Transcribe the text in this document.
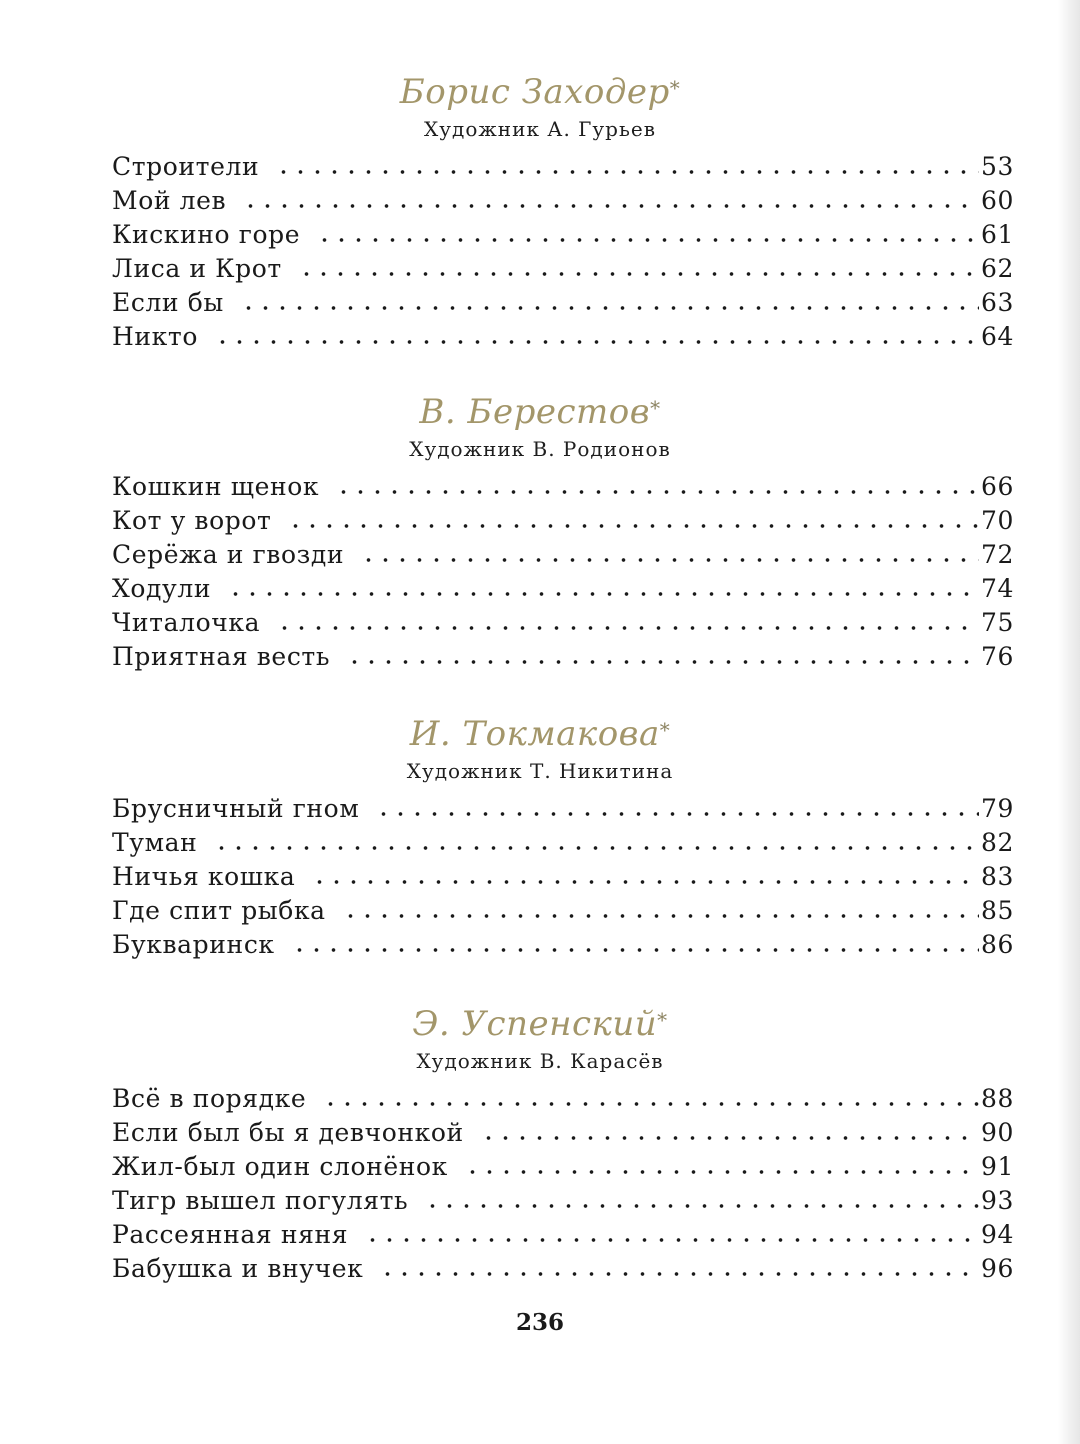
Борис Заходер*
Художник А. Гурьев
Строители	53
Мой лев	60
Кискино горе	61
Лиса и Крот	62
Если бы	63
Никто	64
В. Берестов*
Художник В. Родионов
Кошкин щенок	66
Кот у ворот	70
Серёжа и гвозди	72
Ходули	74
Читалочка	75
Приятная весть	76
И. Токмакова*
Художник Т. Никитина
Брусничный гном	79
Туман	82
Ничья кошка	83
Где спит рыбка	85
Букваринск	86
Э. Успенский*
Художник В. Карасёв
Всё в порядке	88
Если был бы я девчонкой	90
Жил-был один слонёнок	91
Тигр вышел погулять	93
Рассеянная няня	94
Бабушка и внучек	96
236
